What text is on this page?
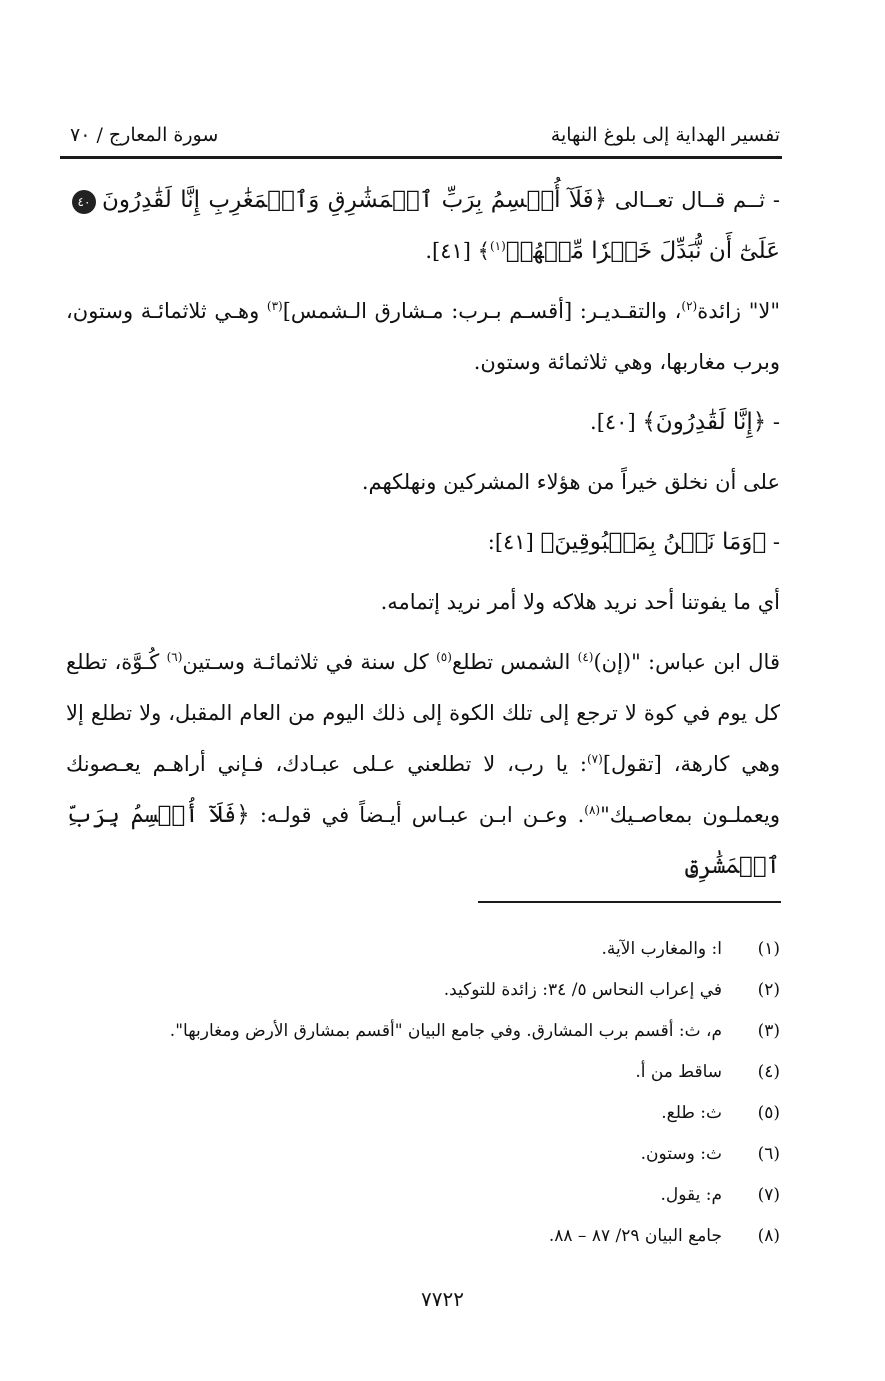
تفسير الهداية إلى بلوغ النهاية
سورة المعارج / ٧٠

- ثــم قــال تعــالى ﴿فَلَآ أُقۡسِمُ بِرَبِّ ٱلۡمَشَٰرِقِ وَٱلۡمَغَٰرِبِ إِنَّا لَقَٰدِرُونَ٤٠عَلَىٰٓ أَن نُّبَدِّلَ خَيۡرٗا مِّنۡهُمۡ$^{(١)}$﴾ [٤١].

"لا" زائدة$^{(٢)}$، والتقـديـر: [أقسـم بـرب: مـشارق الـشمس]$^{(٣)}$ وهـي ثلاثمائـة وستون، وبرب مغاربها، وهي ثلاثمائة وستون.

- ﴿إِنَّا لَقَٰدِرُونَ﴾ [٤٠].

على أن نخلق خيراً من هؤلاء المشركين ونهلكهم.

- ﴿وَمَا نَحۡنُ بِمَسۡبُوقِينَ﴾ [٤١]:

أي ما يفوتنا أحد نريد هلاكه ولا أمر نريد إتمامه.

قال ابن عباس: "(إن)$^{(٤)}$ الشمس تطلع$^{(٥)}$ كل سنة في ثلاثمائـة وسـتين$^{(٦)}$ كُـوَّة، تطلع كل يوم في كوة لا ترجع إلى تلك الكوة إلى ذلك اليوم من العام المقبل، ولا تطلع إلا وهي كارهة، [تقول]$^{(٧)}$: يا رب، لا تطلعني عـلى عبـادك، فـإني أراهـم يعـصونك ويعملـون بمعاصـيك"$^{(٨)}$. وعـن ابـن عبـاس أيـضاً في قولـه: ﴿فَلَآ أُقۡسِمُ بِرَبِّ ٱلۡمَشَٰرِقِ

(١)
ا: والمغارب الآية.
(٢)
في إعراب النحاس ٥/ ٣٤: زائدة للتوكيد.
(٣)
م، ث: أقسم برب المشارق. وفي جامع البيان "أقسم بمشارق الأرض ومغاربها".
(٤)
ساقط من أ.
(٥)
ث: طلع.
(٦)
ث: وستون.
(٧)
م: يقول.
(٨)
جامع البيان ٢٩/ ٨٧ – ٨٨.
٧٧٢٢
